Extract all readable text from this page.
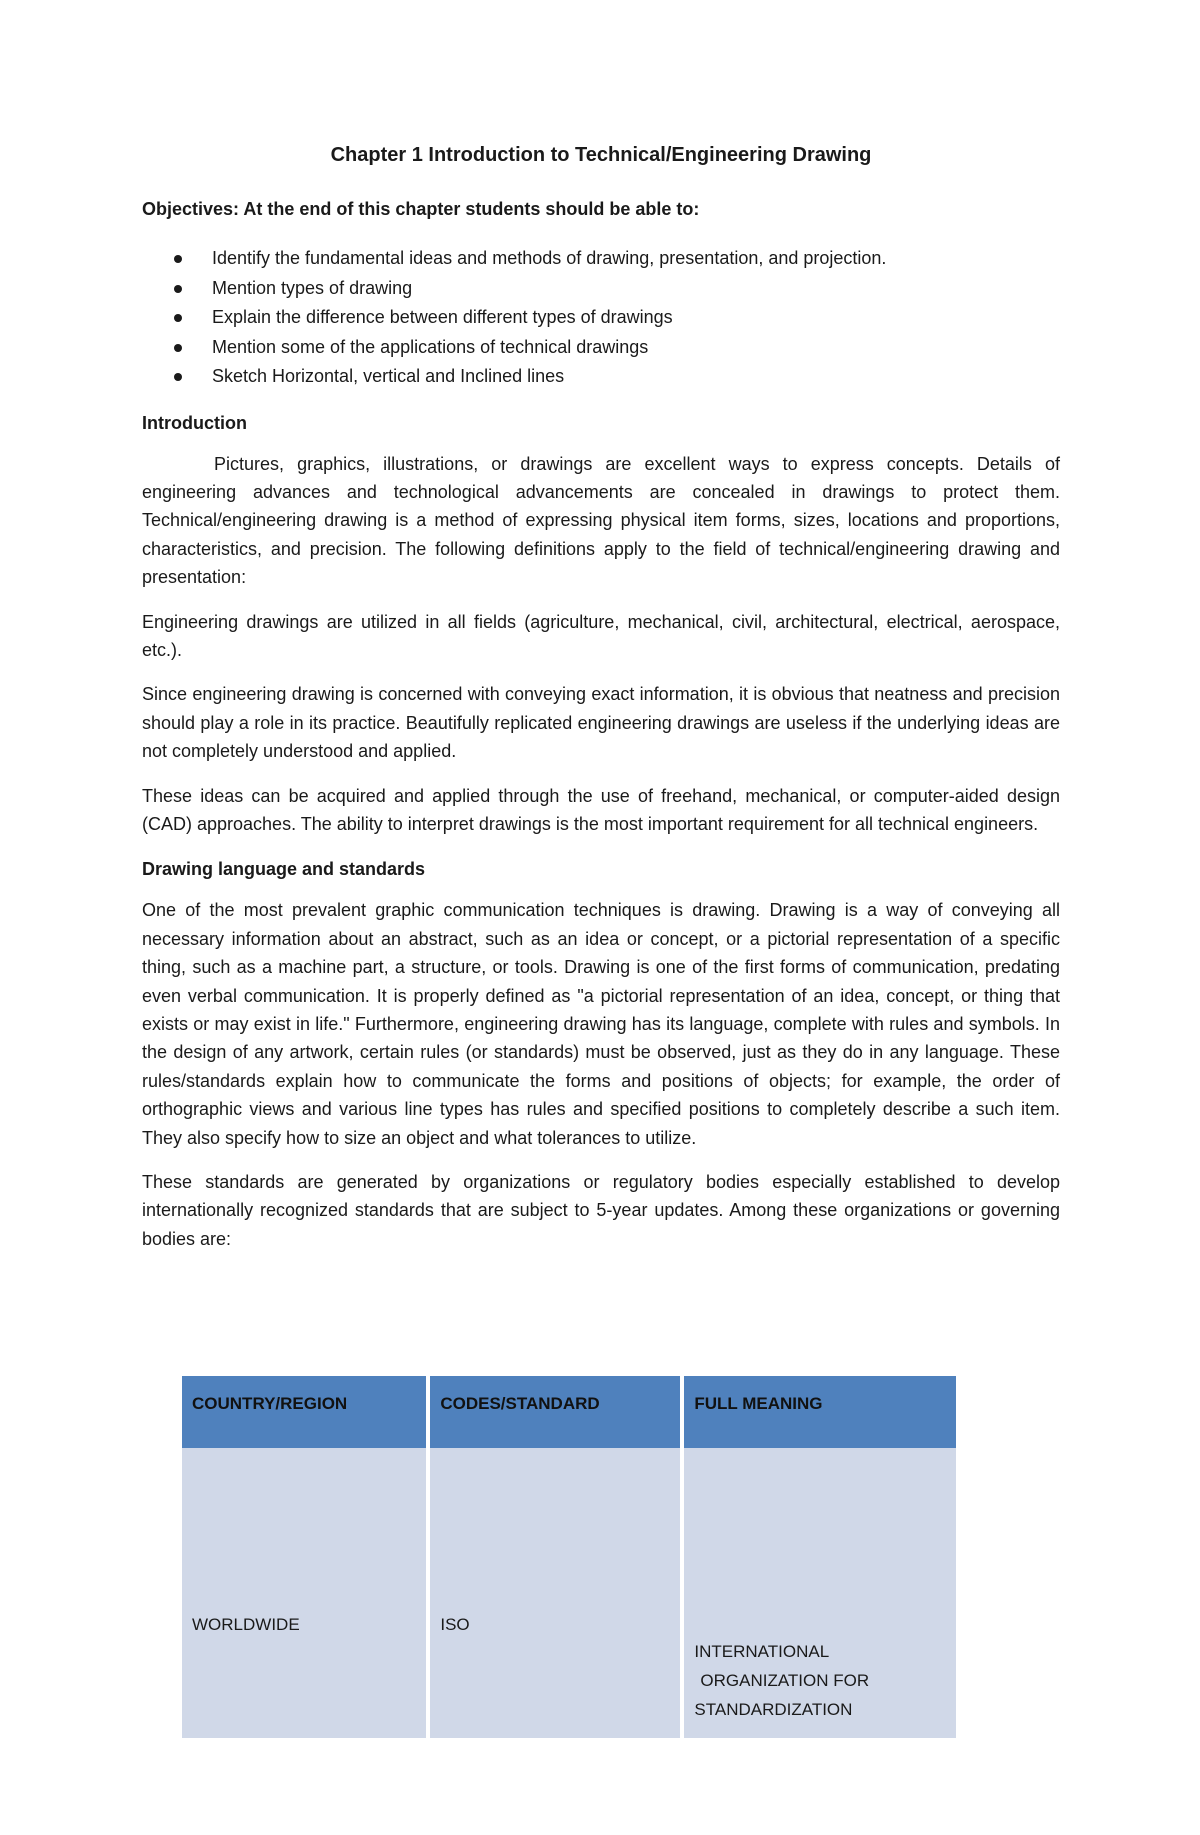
Chapter 1 Introduction to Technical/Engineering Drawing
Objectives: At the end of this chapter students should be able to:
Identify the fundamental ideas and methods of drawing, presentation, and projection.
Mention types of drawing
Explain the difference between different types of drawings
Mention some of the applications of technical drawings
Sketch Horizontal, vertical and Inclined lines
Introduction

Pictures, graphics, illustrations, or drawings are excellent ways to express concepts. Details of engineering advances and technological advancements are concealed in drawings to protect them. Technical/engineering drawing is a method of expressing physical item forms, sizes, locations and proportions, characteristics, and precision. The following definitions apply to the field of technical/engineering drawing and presentation:

Engineering drawings are utilized in all fields (agriculture, mechanical, civil, architectural, electrical, aerospace, etc.).

Since engineering drawing is concerned with conveying exact information, it is obvious that neatness and precision should play a role in its practice. Beautifully replicated engineering drawings are useless if the underlying ideas are not completely understood and applied.

These ideas can be acquired and applied through the use of freehand, mechanical, or computer-aided design (CAD) approaches. The ability to interpret drawings is the most important requirement for all technical engineers.

Drawing language and standards

One of the most prevalent graphic communication techniques is drawing. Drawing is a way of conveying all necessary information about an abstract, such as an idea or concept, or a pictorial representation of a specific thing, such as a machine part, a structure, or tools. Drawing is one of the first forms of communication, predating even verbal communication. It is properly defined as "a pictorial representation of an idea, concept, or thing that exists or may exist in life." Furthermore, engineering drawing has its language, complete with rules and symbols. In the design of any artwork, certain rules (or standards) must be observed, just as they do in any language. These rules/standards explain how to communicate the forms and positions of objects; for example, the order of orthographic views and various line types has rules and specified positions to completely describe a such item. They also specify how to size an object and what tolerances to utilize.

These standards are generated by organizations or regulatory bodies especially established to develop internationally recognized standards that are subject to 5-year updates. Among these organizations or governing bodies are:

COUNTRY/REGION	CODES/STANDARD	FULL MEANING

WORLDWIDE	ISO	INTERNATIONAL
ORGANIZATION FOR
STANDARDIZATION
